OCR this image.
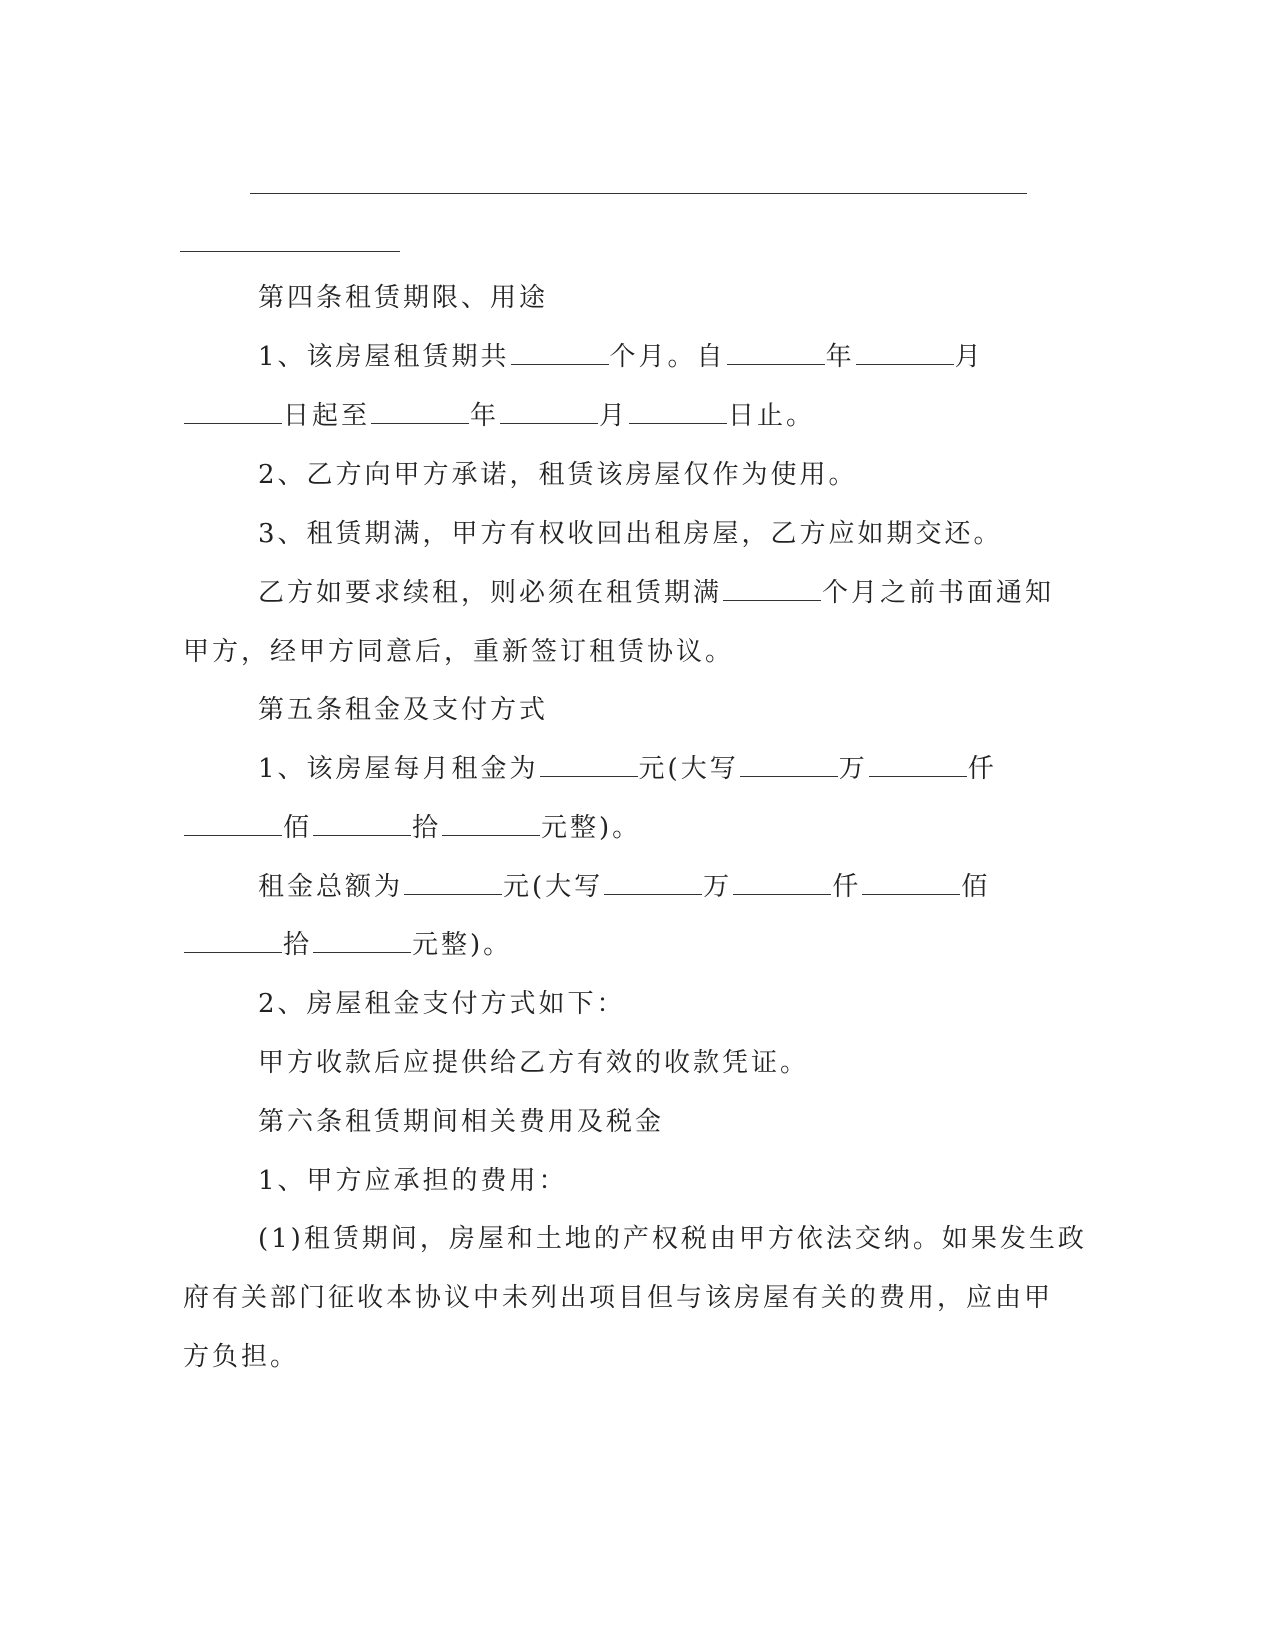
第四条租赁期限、用途
1、该房屋租赁期共	个月。自	年	月
日起至	年	月	日止。
2、乙方向甲方承诺，租赁该房屋仅作为使用。
3、租赁期满，甲方有权收回出租房屋，乙方应如期交还。
乙方如要求续租，则必须在租赁期满	个月之前书面通知
甲方，经甲方同意后，重新签订租赁协议。
第五条租金及支付方式
1、该房屋每月租金为	元(大写	万	仟
佰	拾	元整)。
租金总额为	元(大写	万	仟	佰
拾	元整)。
2、房屋租金支付方式如下：
甲方收款后应提供给乙方有效的收款凭证。
第六条租赁期间相关费用及税金
1、甲方应承担的费用：
(1)租赁期间，房屋和土地的产权税由甲方依法交纳。如果发生政
府有关部门征收本协议中未列出项目但与该房屋有关的费用，应由甲
方负担。
